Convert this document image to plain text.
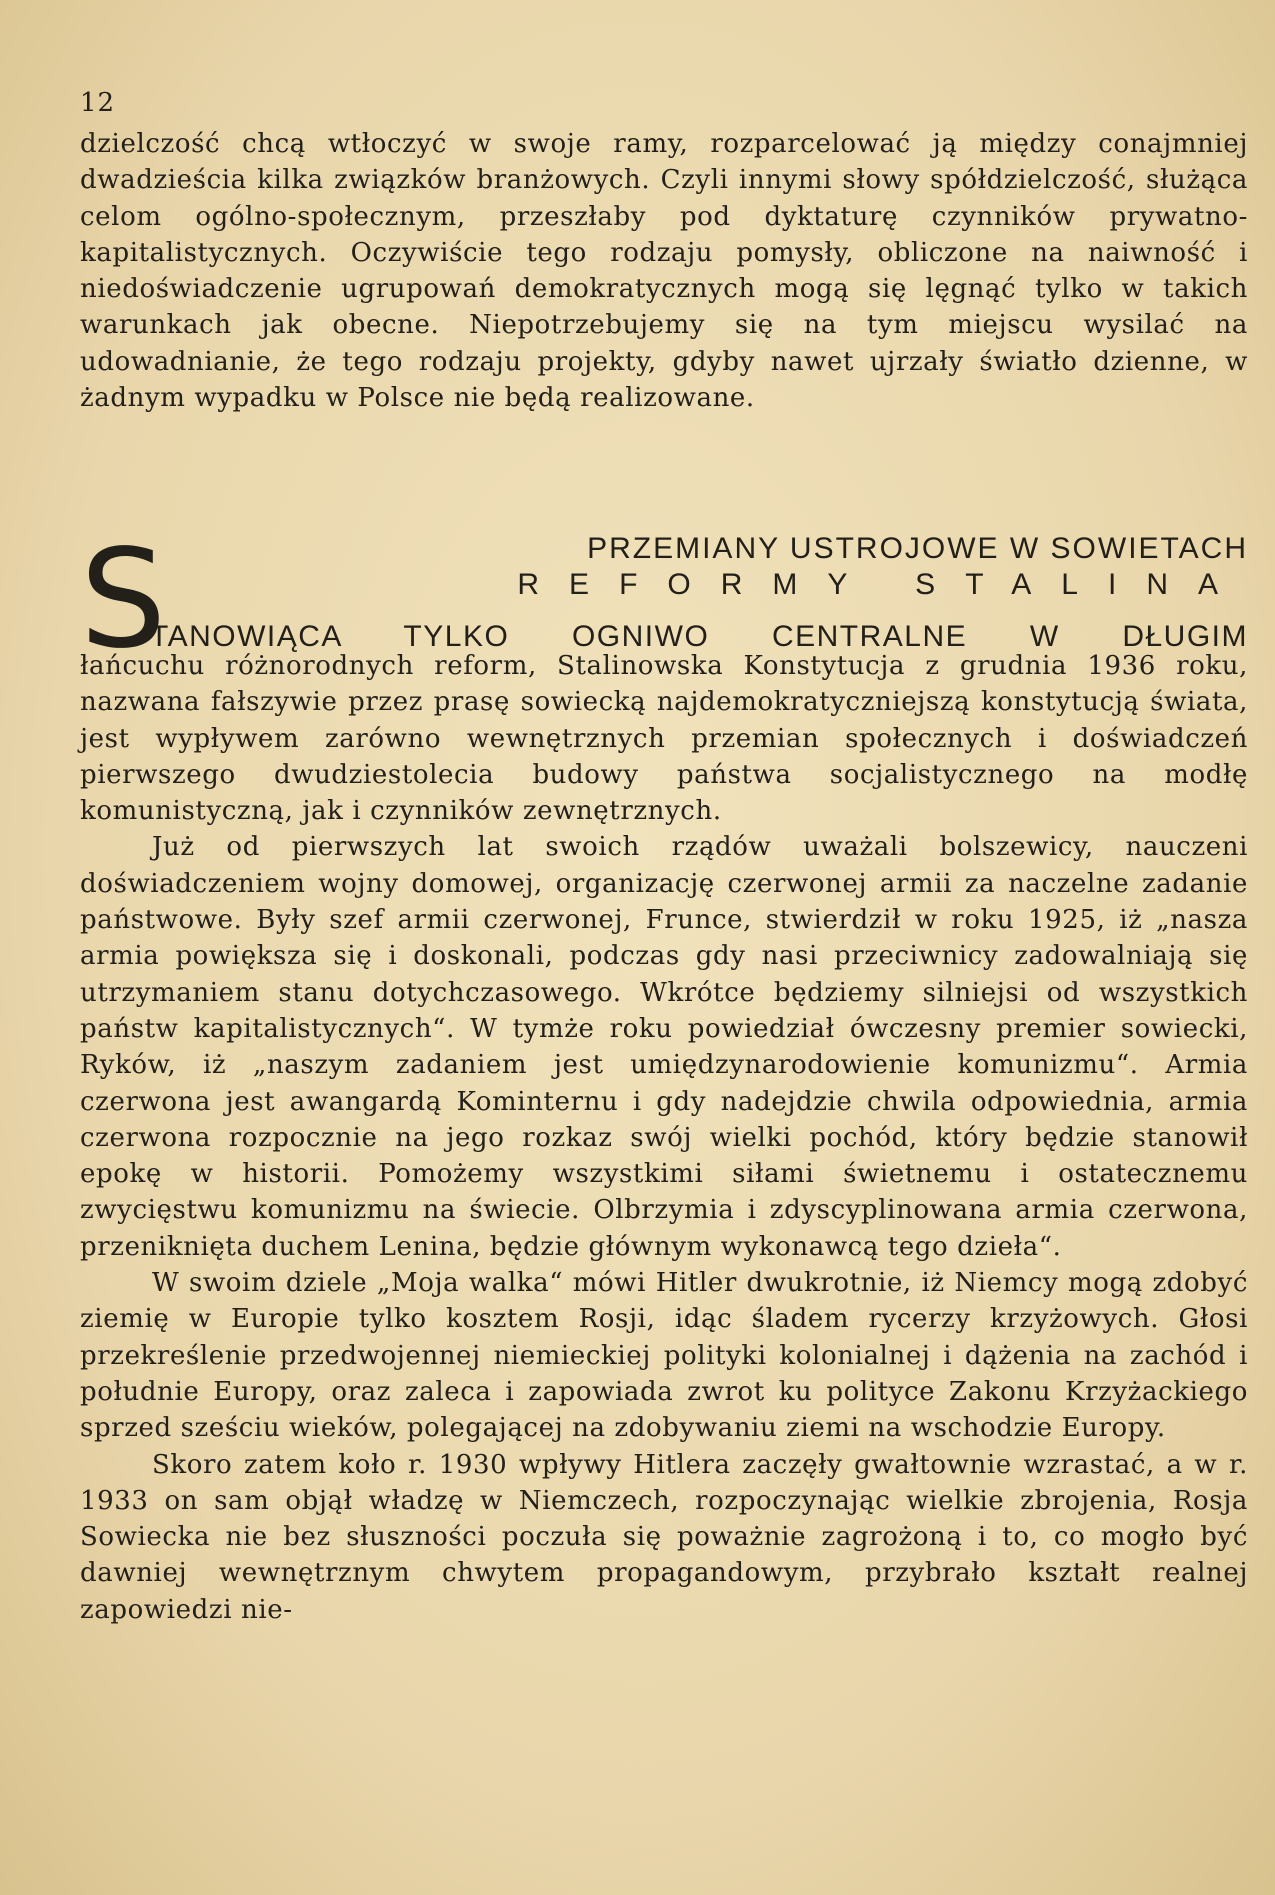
12

dzielczość chcą wtłoczyć w swoje ramy, rozparcelować ją między conajmniej dwadzieścia kilka związków branżowych. Czyli innymi słowy spółdzielczość, służąca celom ogólno-społecznym, przeszłaby pod dyktaturę czynników prywatno-kapitalistycznych. Oczywiście tego rodzaju pomysły, obliczone na naiwność i niedoświadczenie ugrupowań demokratycznych mogą się lęgnąć tylko w takich warunkach jak obecne. Niepotrzebujemy się na tym miejscu wysilać na udowadnianie, że tego rodzaju projekty, gdyby nawet ujrzały światło dzienne, w żadnym wypadku w Polsce nie będą realizowane.

S	PRZEMIANY USTROJOWE W SOWIETACH
REFORMY STALINA
TANOWIĄCA TYLKO OGNIWO CENTRALNE W DŁUGIM

łańcuchu różnorodnych reform, Stalinowska Konstytucja z grudnia 1936 roku, nazwana fałszywie przez prasę sowiecką najdemokratyczniejszą konstytucją świata, jest wypływem zarówno wewnętrznych przemian społecznych i doświadczeń pierwszego dwudziestolecia budowy państwa socjalistycznego na modłę komunistyczną, jak i czynników zewnętrznych.

Już od pierwszych lat swoich rządów uważali bolszewicy, nauczeni doświadczeniem wojny domowej, organizację czerwonej armii za naczelne zadanie państwowe. Były szef armii czerwonej, Frunce, stwierdził w roku 1925, iż „nasza armia powiększa się i doskonali, podczas gdy nasi przeciwnicy zadowalniają się utrzymaniem stanu dotychczasowego. Wkrótce będziemy silniejsi od wszystkich państw kapitalistycznych“. W tymże roku powiedział ówczesny premier sowiecki, Ryków, iż „naszym zadaniem jest umiędzynarodowienie komunizmu“. Armia czerwona jest awangardą Kominternu i gdy nadejdzie chwila odpowiednia, armia czerwona rozpocznie na jego rozkaz swój wielki pochód, który będzie stanowił epokę w historii. Pomożemy wszystkimi siłami świetnemu i ostatecznemu zwycięstwu komunizmu na świecie. Olbrzymia i zdyscyplinowana armia czerwona, przeniknięta duchem Lenina, będzie głównym wykonawcą tego dzieła“.

W swoim dziele „Moja walka“ mówi Hitler dwukrotnie, iż Niemcy mogą zdobyć ziemię w Europie tylko kosztem Rosji, idąc śladem rycerzy krzyżowych. Głosi przekreślenie przedwojennej niemieckiej polityki kolonialnej i dążenia na zachód i południe Europy, oraz zaleca i zapowiada zwrot ku polityce Zakonu Krzyżackiego sprzed sześciu wieków, polegającej na zdobywaniu ziemi na wschodzie Europy.

Skoro zatem koło r. 1930 wpływy Hitlera zaczęły gwałtownie wzrastać, a w r. 1933 on sam objął władzę w Niemczech, rozpoczynając wielkie zbrojenia, Rosja Sowiecka nie bez słuszności poczuła się poważnie zagrożoną i to, co mogło być dawniej wewnętrznym chwytem propagandowym, przybrało kształt realnej zapowiedzi nie-
